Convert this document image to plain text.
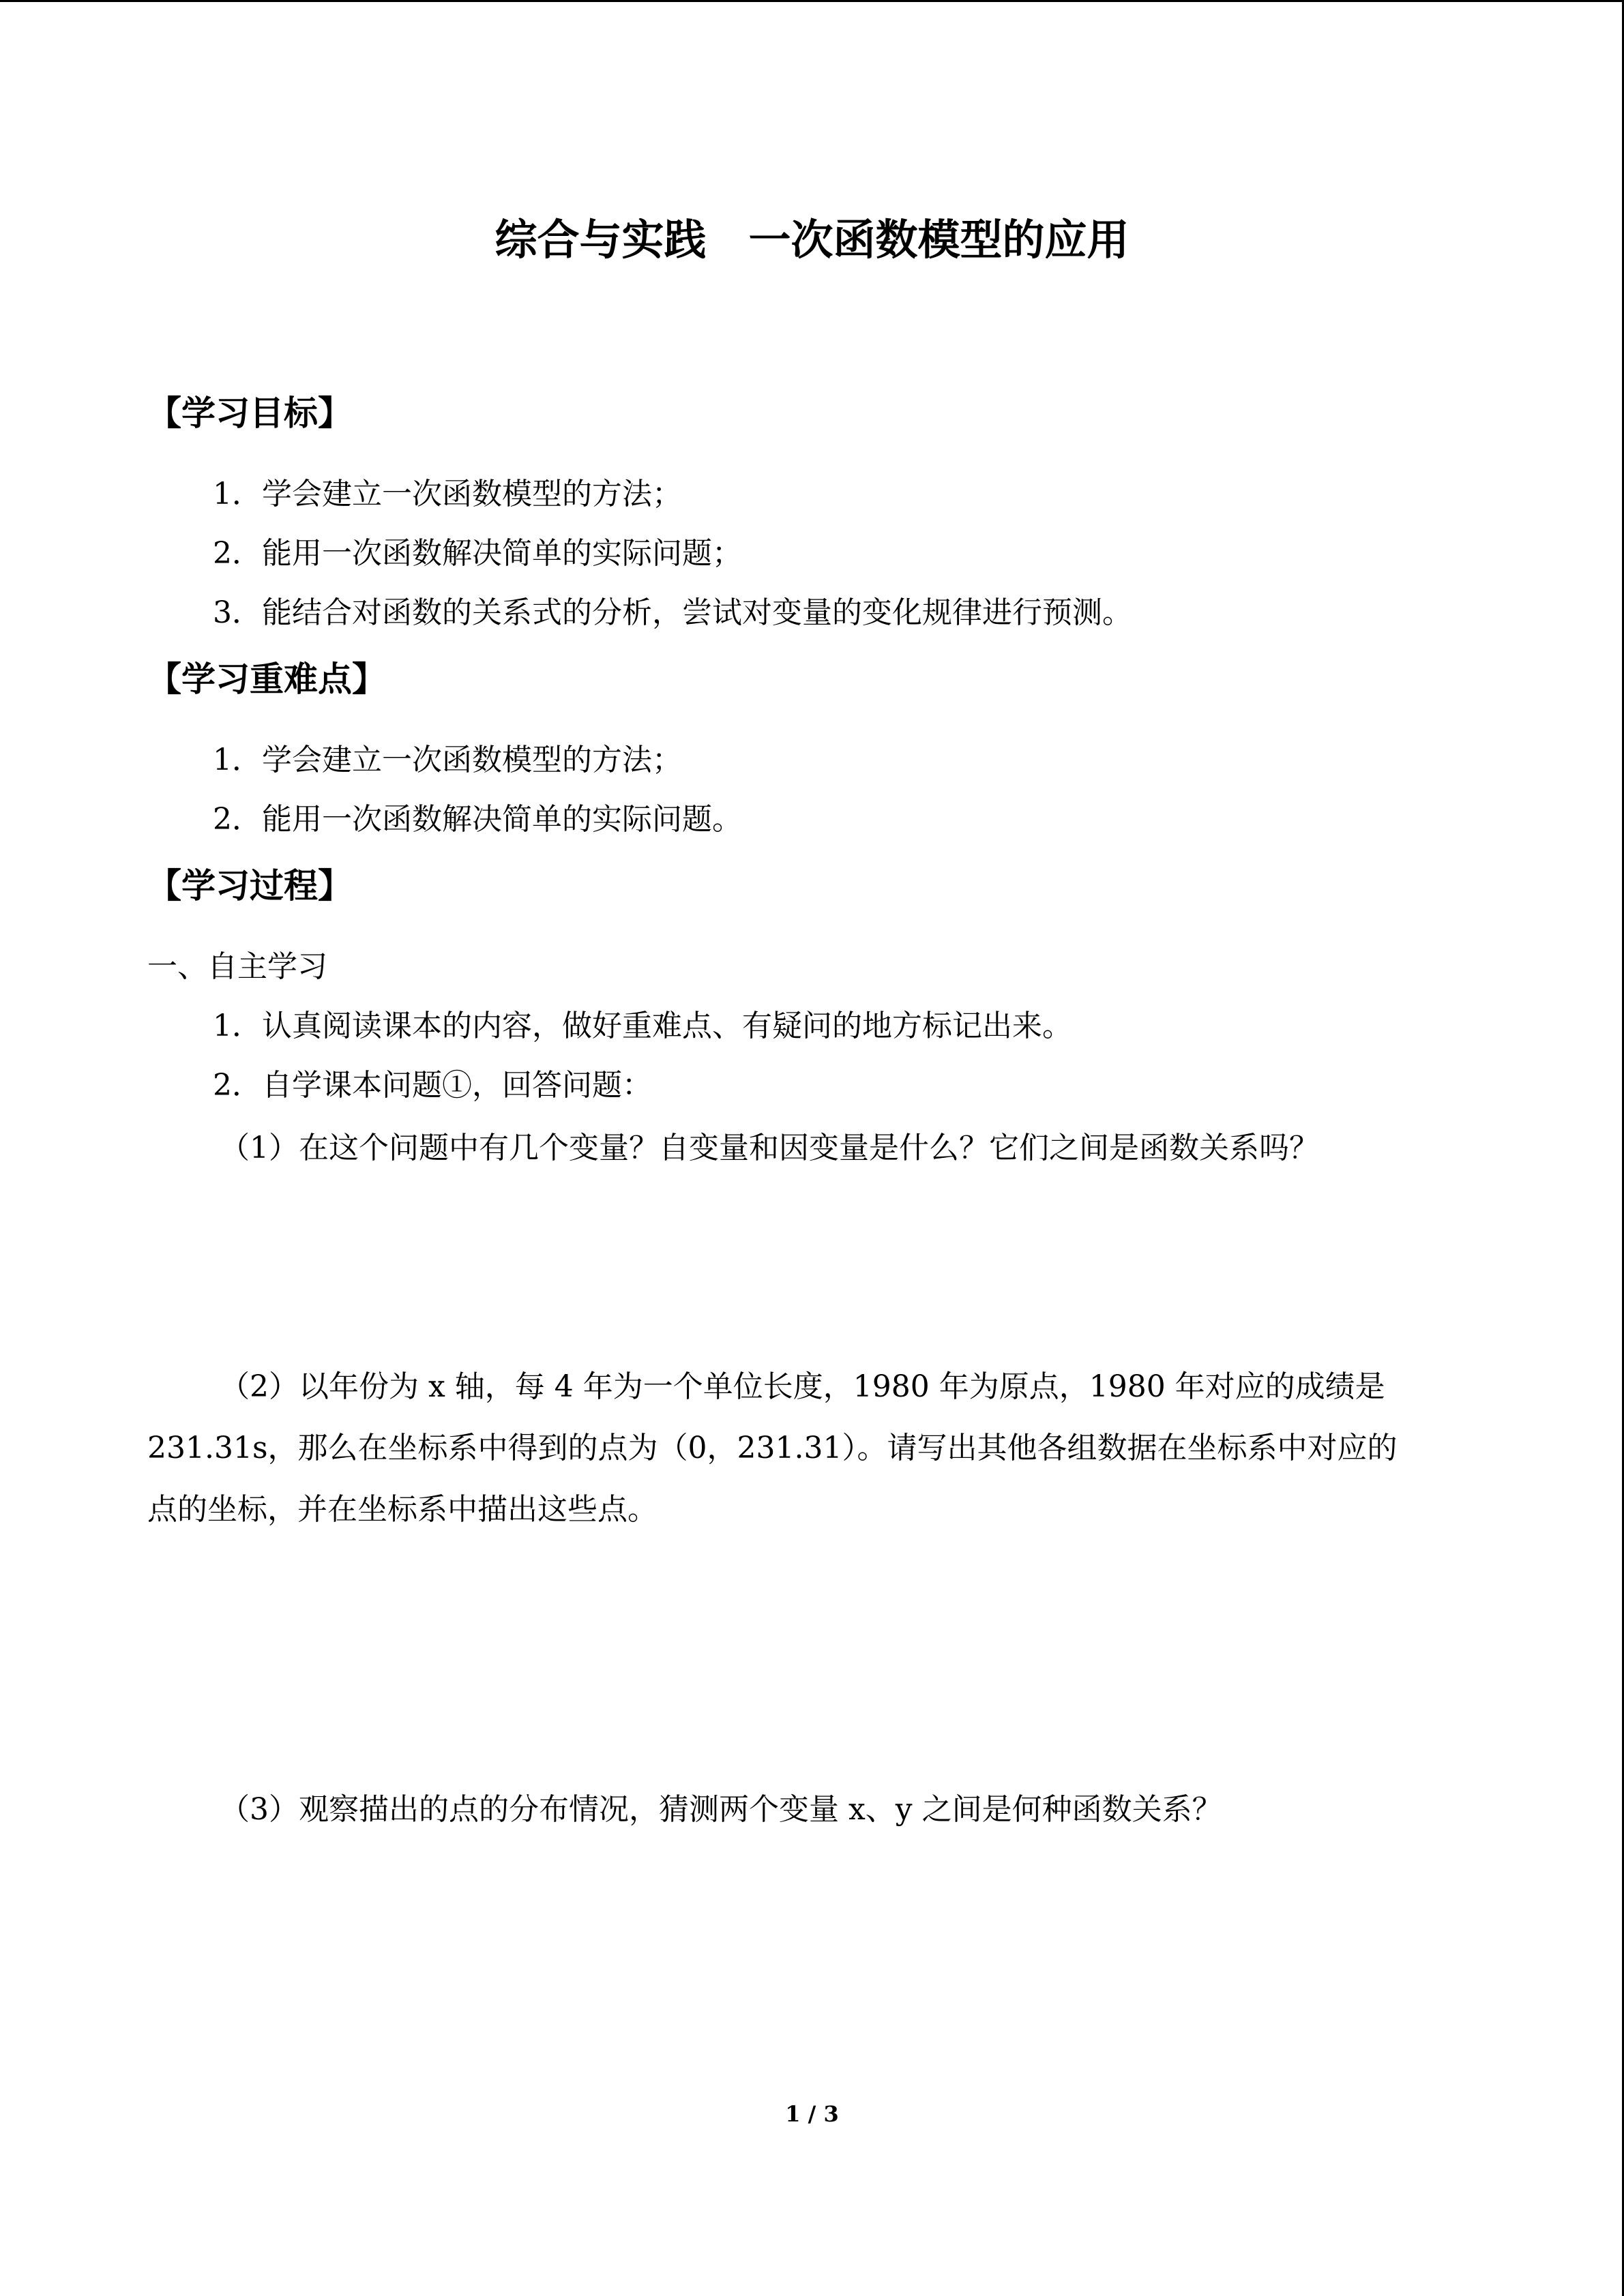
综合与实践　一次函数模型的应用
【学习目标】
1．学会建立一次函数模型的方法；
2．能用一次函数解决简单的实际问题；
3．能结合对函数的关系式的分析，尝试对变量的变化规律进行预测。
【学习重难点】
1．学会建立一次函数模型的方法；
2．能用一次函数解决简单的实际问题。
【学习过程】
一、自主学习
1．认真阅读课本的内容，做好重难点、有疑问的地方标记出来。
2．自学课本问题①，回答问题：
（1）在这个问题中有几个变量？自变量和因变量是什么？它们之间是函数关系吗？
（2）以年份为 x 轴，每 4 年为一个单位长度，1980 年为原点，1980 年对应的成绩是
231.31s，那么在坐标系中得到的点为（0，231.31）。请写出其他各组数据在坐标系中对应的
点的坐标，并在坐标系中描出这些点。
（3）观察描出的点的分布情况，猜测两个变量 x、y 之间是何种函数关系？
1 / 3
